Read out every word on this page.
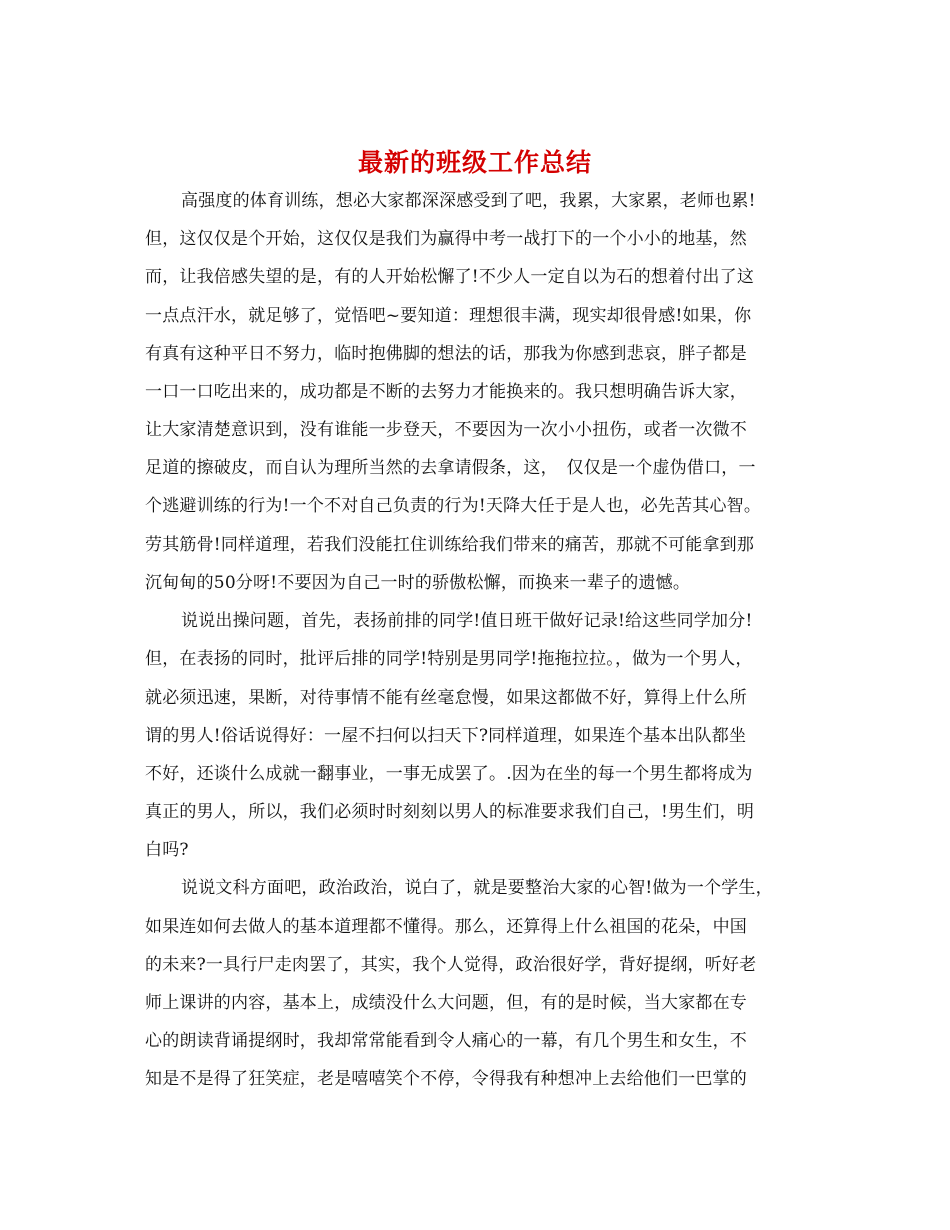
最新的班级工作总结
高强度的体育训练，想必大家都深深感受到了吧，我累，大家累，老师也累!
但，这仅仅是个开始，这仅仅是我们为赢得中考一战打下的一个小小的地基，然
而，让我倍感失望的是，有的人开始松懈了!不少人一定自以为石的想着付出了这
一点点汗水，就足够了，觉悟吧~要知道：理想很丰满，现实却很骨感!如果，你
有真有这种平日不努力，临时抱佛脚的想法的话，那我为你感到悲哀，胖子都是
一口一口吃出来的，成功都是不断的去努力才能换来的。我只想明确告诉大家，
让大家清楚意识到，没有谁能一步登天，不要因为一次小小扭伤，或者一次微不
足道的擦破皮，而自认为理所当然的去拿请假条，这，　仅仅是一个虚伪借口，一
个逃避训练的行为!一个不对自己负责的行为!天降大任于是人也，必先苦其心智。
劳其筋骨!同样道理，若我们没能扛住训练给我们带来的痛苦，那就不可能拿到那
沉甸甸的50分呀!不要因为自己一时的骄傲松懈，而换来一辈子的遗憾。
说说出操问题，首先，表扬前排的同学!值日班干做好记录!给这些同学加分!
但，在表扬的同时，批评后排的同学!特别是男同学!拖拖拉拉。，做为一个男人，
就必须迅速，果断，对待事情不能有丝毫怠慢，如果这都做不好，算得上什么所
谓的男人!俗话说得好：一屋不扫何以扫天下?同样道理，如果连个基本出队都坐
不好，还谈什么成就一翻事业，一事无成罢了。.因为在坐的每一个男生都将成为
真正的男人，所以，我们必须时时刻刻以男人的标准要求我们自己，!男生们，明
白吗?
说说文科方面吧，政治政治，说白了，就是要整治大家的心智!做为一个学生，
如果连如何去做人的基本道理都不懂得。那么，还算得上什么祖国的花朵，中国
的未来?一具行尸走肉罢了，其实，我个人觉得，政治很好学，背好提纲，听好老
师上课讲的内容，基本上，成绩没什么大问题，但，有的是时候，当大家都在专
心的朗读背诵提纲时，我却常常能看到令人痛心的一幕，有几个男生和女生，不
知是不是得了狂笑症，老是嘻嘻笑个不停，令得我有种想冲上去给他们一巴掌的
